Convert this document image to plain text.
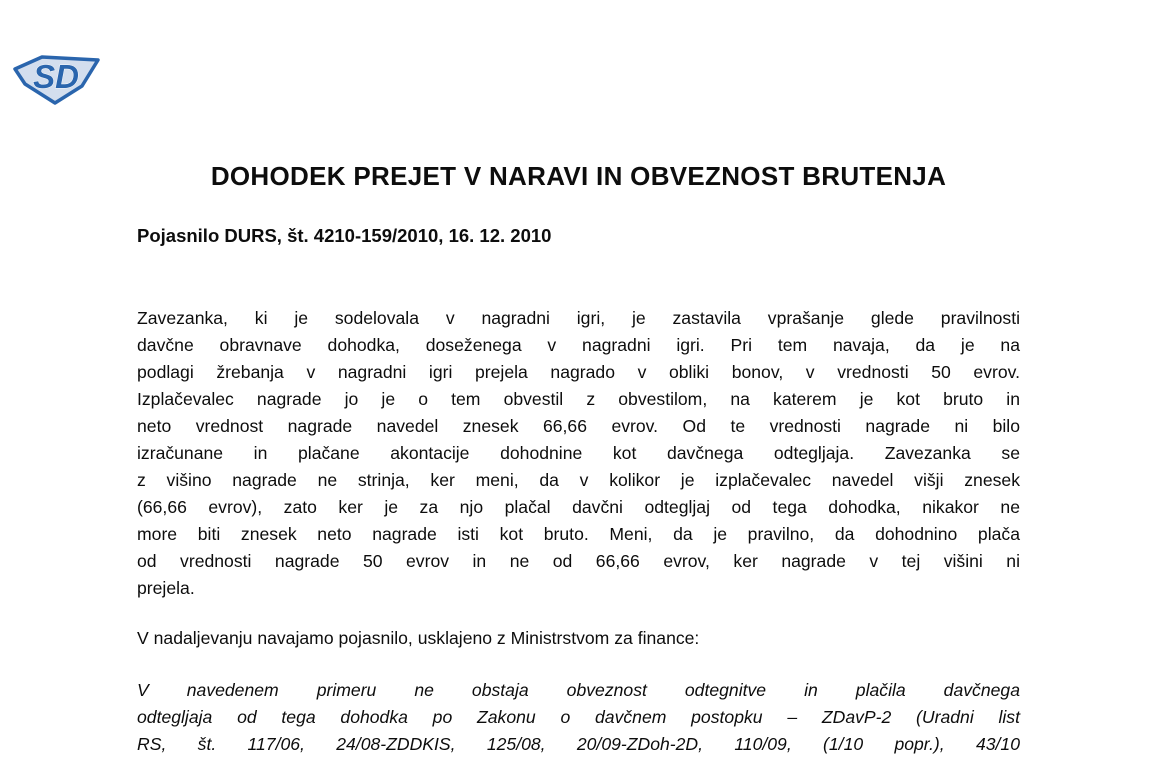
SD
DOHODEK PREJET V NARAVI IN OBVEZNOST BRUTENJA
Pojasnilo DURS, št. 4210-159/2010, 16. 12. 2010
Zavezanka, ki je sodelovala v nagradni igri, je zastavila vprašanje glede pravilnosti
davčne obravnave dohodka, doseženega v nagradni igri. Pri tem navaja, da je na
podlagi žrebanja v nagradni igri prejela nagrado v obliki bonov, v vrednosti 50 evrov.
Izplačevalec nagrade jo je o tem obvestil z obvestilom, na katerem je kot bruto in
neto vrednost nagrade navedel znesek 66,66 evrov. Od te vrednosti nagrade ni bilo
izračunane in plačane akontacije dohodnine kot davčnega odtegljaja. Zavezanka se
z višino nagrade ne strinja, ker meni, da v kolikor je izplačevalec navedel višji znesek
(66,66 evrov), zato ker je za njo plačal davčni odtegljaj od tega dohodka, nikakor ne
more biti znesek neto nagrade isti kot bruto. Meni, da je pravilno, da dohodnino plača
od vrednosti nagrade 50 evrov in ne od 66,66 evrov, ker nagrade v tej višini ni
prejela.
V nadaljevanju navajamo pojasnilo, usklajeno z Ministrstvom za finance:
V navedenem primeru ne obstaja obveznost odtegnitve in plačila davčnega
odtegljaja od tega dohodka po Zakonu o davčnem postopku – ZDavP-2 (Uradni list
RS, št. 117/06, 24/08-ZDDKIS, 125/08, 20/09-ZDoh-2D, 110/09, (1/10 popr.), 43/10
